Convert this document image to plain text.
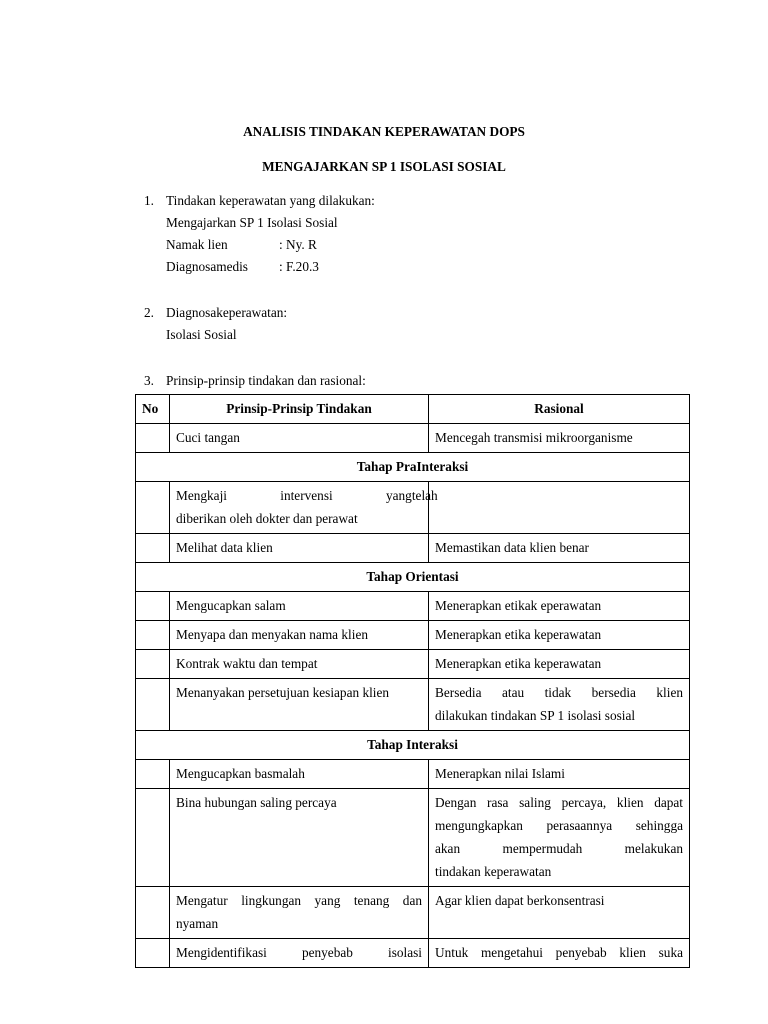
ANALISIS TINDAKAN KEPERAWATAN DOPS
MENGAJARKAN SP 1 ISOLASI SOSIAL
1. Tindakan keperawatan yang dilakukan:
Mengajarkan SP 1 Isolasi Sosial
Namak lien	: Ny. R
Diagnosamedis : F.20.3
2. Diagnosakeperawatan:
Isolasi Sosial
3. Prinsip-prinsip tindakan dan rasional:
No	Prinsip-Prinsip Tindakan	Rasional
	Cuci tangan	Mencegah transmisi mikroorganisme
Tahap PraInteraksi		

	Mengkaji    intervensi    yang telah
diberikan oleh dokter dan perawat	

	Melihat data klien	Memastikan data klien benar
Tahap Orientasi		
	Mengucapkan salam	Menerapkan etikak eperawatan
	Menyapa dan menyakan nama klien	Menerapkan etika keperawatan
	Kontrak waktu dan tempat	Menerapkan etika keperawatan
	Menanyakan persetujuan kesiapan klien	Bersedia atau tidak bersedia klien
dilakukan tindakan SP 1 isolasi sosial

Tahap Interaksi		
	Mengucapkan basmalah	Menerapkan nilai Islami
	Bina hubungan saling percaya	Dengan rasa saling percaya, klien dapat
mengungkapkan perasaannya sehingga
akan mempermudah melakukan
tindakan keperawatan

	Mengatur lingkungan yang tenang dan
nyaman	Agar klien dapat berkonsentrasi

	Mengidentifikasi penyebab isolasi	Untuk mengetahui penyebab klien suka
